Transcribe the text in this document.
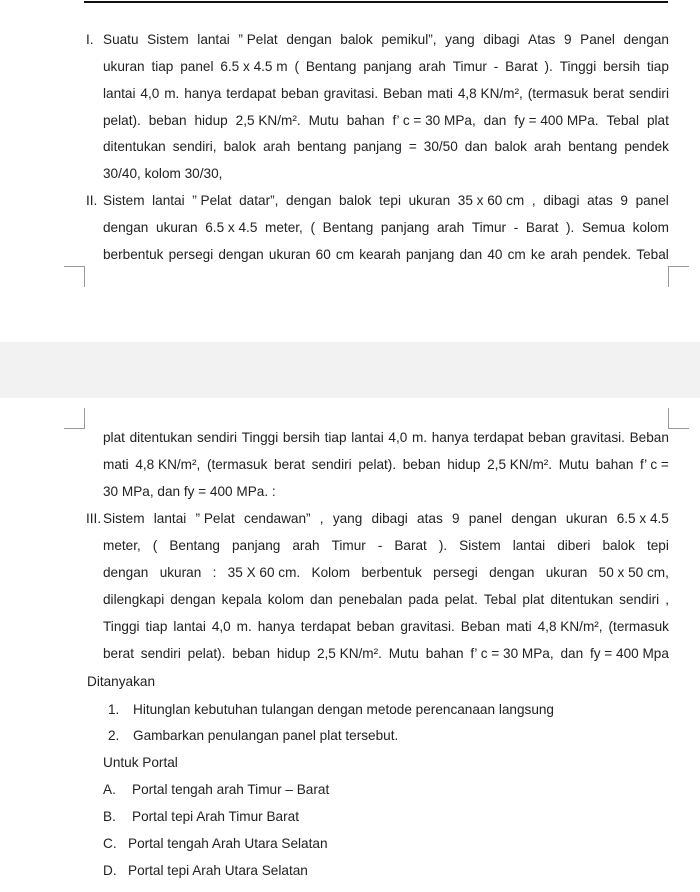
I. Suatu Sistem lantai ” Pelat dengan balok pemikul”, yang dibagi Atas 9 Panel dengan
ukuran tiap panel 6.5 x 4.5 m ( Bentang panjang arah Timur - Barat ). Tinggi bersih tiap
lantai 4,0 m. hanya terdapat beban gravitasi. Beban mati 4,8 KN/m², (termasuk berat sendiri
pelat). beban hidup 2,5 KN/m². Mutu bahan f’ c = 30 MPa, dan fy = 400 MPa. Tebal plat
ditentukan sendiri, balok arah bentang panjang = 30/50 dan balok arah bentang pendek
30/40, kolom 30/30,
II. Sistem lantai ” Pelat datar”, dengan balok tepi ukuran 35 x 60 cm , dibagi atas 9 panel
dengan ukuran 6.5 x 4.5 meter, ( Bentang panjang arah Timur - Barat ). Semua kolom
berbentuk persegi dengan ukuran 60 cm kearah panjang dan 40 cm ke arah pendek. Tebal
plat ditentukan sendiri Tinggi bersih tiap lantai 4,0 m. hanya terdapat beban gravitasi. Beban
mati 4,8 KN/m², (termasuk berat sendiri pelat). beban hidup 2,5 KN/m². Mutu bahan f’ c =
30 MPa, dan fy = 400 MPa. :
III. Sistem lantai ” Pelat cendawan” , yang dibagi atas 9 panel dengan ukuran 6.5 x 4.5
meter, ( Bentang panjang arah Timur - Barat ). Sistem lantai diberi balok tepi
dengan ukuran : 35 X 60 cm. Kolom berbentuk persegi dengan ukuran 50 x 50 cm,
dilengkapi dengan kepala kolom dan penebalan pada pelat. Tebal plat ditentukan sendiri ,
Tinggi tiap lantai 4,0 m. hanya terdapat beban gravitasi. Beban mati 4,8 KN/m², (termasuk
berat sendiri pelat). beban hidup 2,5 KN/m². Mutu bahan f’ c = 30 MPa, dan fy = 400 Mpa
Ditanyakan
1. Hitunglan kebutuhan tulangan dengan metode perencanaan langsung
2. Gambarkan penulangan panel plat tersebut.
Untuk Portal
A. Portal tengah arah Timur – Barat
B. Portal tepi Arah Timur Barat
C. Portal tengah Arah Utara Selatan
D. Portal tepi Arah Utara Selatan
